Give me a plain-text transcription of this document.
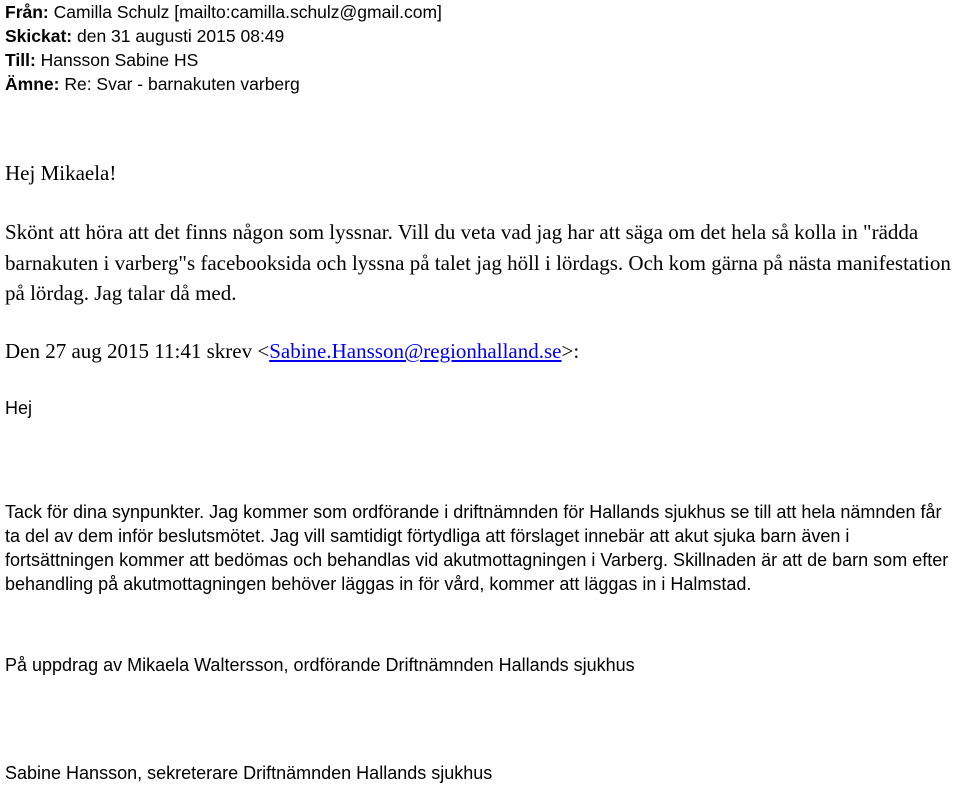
Från: Camilla Schulz [mailto:camilla.schulz@gmail.com]
Skickat: den 31 augusti 2015 08:49
Till: Hansson Sabine HS
Ämne: Re: Svar - barnakuten varberg
Hej Mikaela!
Skönt att höra att det finns någon som lyssnar. Vill du veta vad jag har att säga om det hela så kolla in "rädda barnakuten i varberg"s facebooksida och lyssna på talet jag höll i lördags. Och kom gärna på nästa manifestation på lördag. Jag talar då med.
Den 27 aug 2015 11:41 skrev <Sabine.Hansson@regionhalland.se>:
Hej
Tack för dina synpunkter. Jag kommer som ordförande i driftnämnden för Hallands sjukhus se till att hela nämnden får ta del av dem inför beslutsmötet. Jag vill samtidigt förtydliga att förslaget innebär att akut sjuka barn även i fortsättningen kommer att bedömas och behandlas vid akutmottagningen i Varberg. Skillnaden är att de barn som efter behandling på akutmottagningen behöver läggas in för vård, kommer att läggas in i Halmstad.
På uppdrag av Mikaela Waltersson, ordförande Driftnämnden Hallands sjukhus
Sabine Hansson, sekreterare Driftnämnden Hallands sjukhus
